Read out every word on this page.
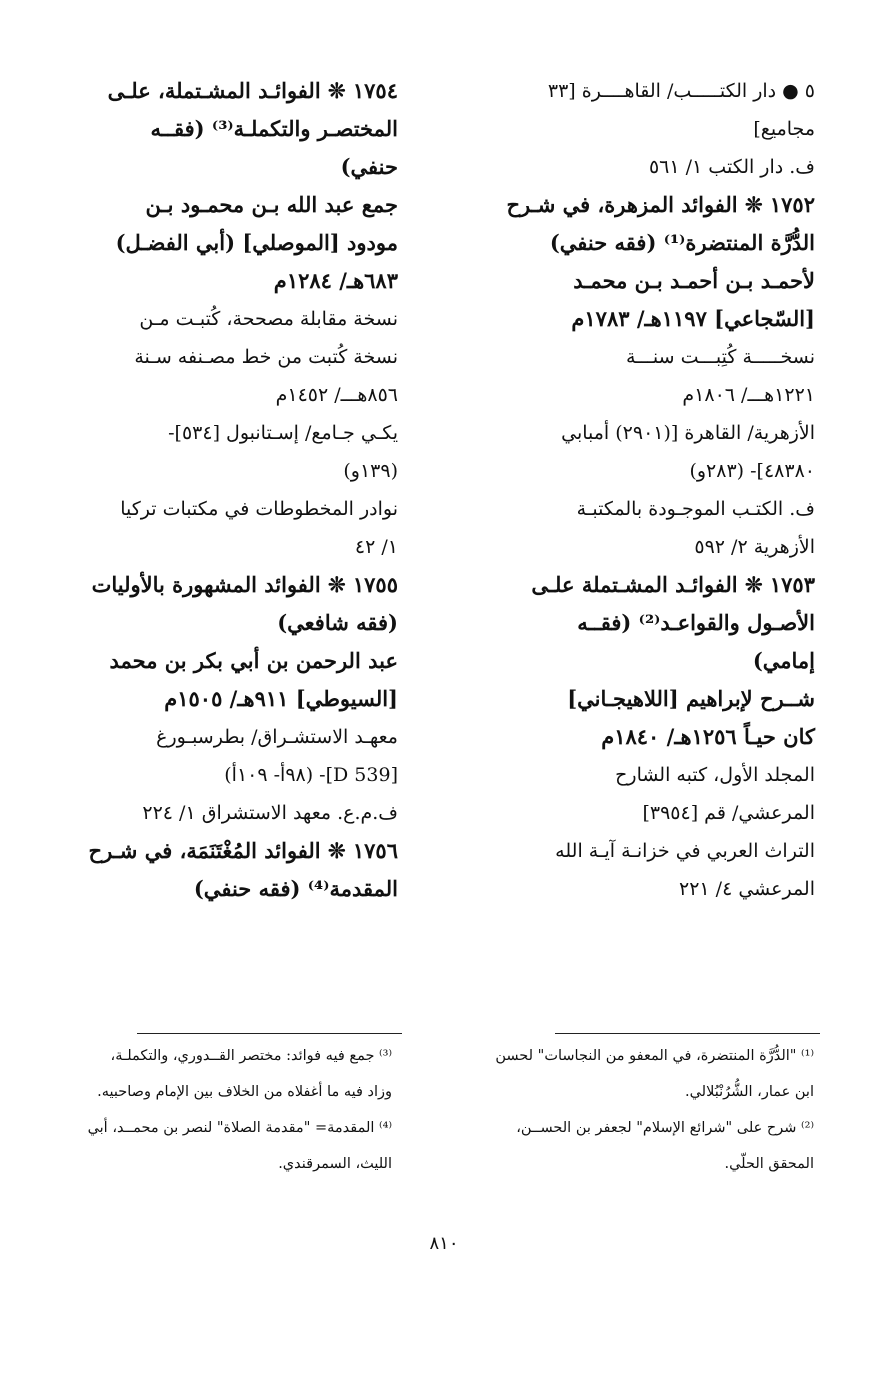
٥ ● دار الكتـــــب/ القاهــــرة [٣٣
مجاميع]
ف. دار الكتب ١/ ٥٦١
١٧٥٢ ❊ الفوائد المزهرة، في شـرح
الدُّرَّة المنتضرة⁽¹⁾ (فقه حنفي)
لأحمـد بـن أحمـد بـن محمـد
[السّجاعي] ١١٩٧هـ/ ١٧٨٣م
نسخـــــة كُتِبـــت سنـــة
١٢٢١هـــ/ ١٨٠٦م
الأزهرية/ القاهرة [(٢٩٠١) أمبابي
٤٨٣٨٠]- (٢٨٣و)
ف. الكتـب الموجـودة بالمكتبـة
الأزهرية ٢/ ٥٩٢
١٧٥٣ ❊ الفوائـد المشـتملة علـى
الأصـول والقواعـد⁽²⁾ (فقــه
إمامي)
شــرح لإبراهيم [اللاهيجـاني]
كان حيـاً ١٢٥٦هـ/ ١٨٤٠م
المجلد الأول، كتبه الشارح
المرعشي/ قم [٣٩٥٤]
التراث العربي في خزانـة آيـة الله
المرعشي ٤/ ٢٢١
١٧٥٤ ❊ الفوائـد المشـتملة، علـى
المختصـر والتكملـة⁽³⁾ (فقــه
حنفي)
جمع عبد الله بـن محمـود بـن
مودود [الموصلي] (أبي الفضـل)
٦٨٣هـ/ ١٢٨٤م
نسخة مقابلة مصححة، كُتبـت مـن
نسخة كُتبت من خط مصـنفه سـنة
٨٥٦هـــ/ ١٤٥٢م
يكـي جـامع/ إسـتانبول [٥٣٤]-
(١٣٩و)
نوادر المخطوطات في مكتبات تركيا
١/ ٤٢
١٧٥٥ ❊ الفوائد المشهورة بالأوليات
(فقه شافعي)
عبد الرحمن بن أبي بكر بن محمد
[السيوطي] ٩١١هـ/ ١٥٠٥م
معهـد الاستشـراق/ بطرسبـورغ
[D 539]- (٩٨أ- ١٠٩أ)
ف.م.ع. معهد الاستشراق ١/ ٢٢٤
١٧٥٦ ❊ الفوائد المُغْتَنَمَة، في شـرح
المقدمة⁽⁴⁾ (فقه حنفي)
⁽¹⁾ "الدُّرَّة المنتضرة، في المعفو من النجاسات" لحسن
ابن عمار، الشُّرُنْبُلالي.
⁽²⁾ شرح على "شرائع الإسلام" لجعفر بن الحســن،
المحقق الحلّي.
⁽³⁾ جمع فيه فوائد: مختصر القــدوري، والتكملـة،
وزاد فيه ما أغفلاه من الخلاف بين الإمام وصاحبيه.
⁽⁴⁾ المقدمة= "مقدمة الصلاة" لنصر بن محمــد، أبي
الليث، السمرقندي.
٨١٠
